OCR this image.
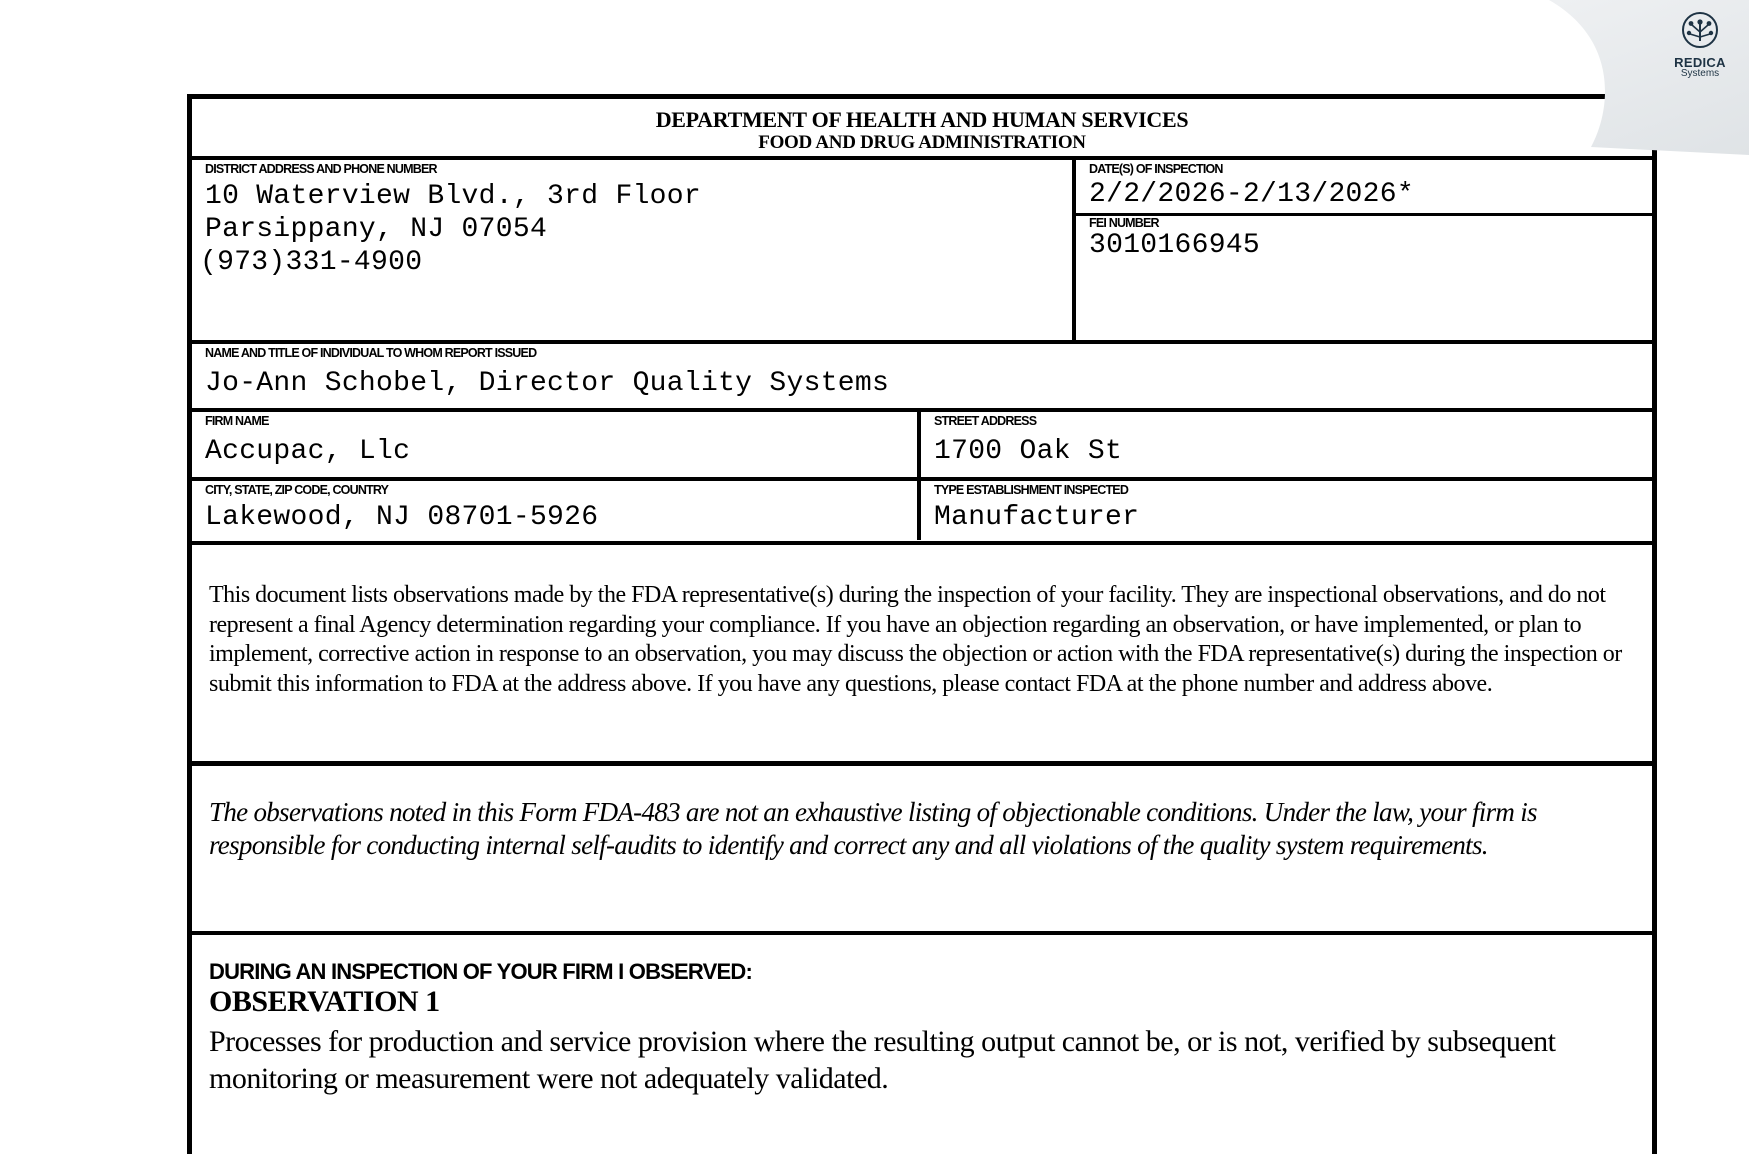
DEPARTMENT OF HEALTH AND HUMAN SERVICES
FOOD AND DRUG ADMINISTRATION
DISTRICT ADDRESS AND PHONE NUMBER
10 Waterview Blvd., 3rd Floor
Parsippany, NJ 07054
(973)331-4900
DATE(S) OF INSPECTION
2/2/2026-2/13/2026*
FEI NUMBER
3010166945
NAME AND TITLE OF INDIVIDUAL TO WHOM REPORT ISSUED
Jo-Ann Schobel, Director Quality Systems
FIRM NAME
Accupac, Llc
STREET ADDRESS
1700 Oak St
CITY, STATE, ZIP CODE, COUNTRY
Lakewood, NJ 08701-5926
TYPE ESTABLISHMENT INSPECTED
Manufacturer
This document lists observations made by the FDA representative(s) during the inspection of your facility. They are inspectional observations, and do not represent a final Agency determination regarding your compliance. If you have an objection regarding an observation, or have implemented, or plan to implement, corrective action in response to an observation, you may discuss the objection or action with the FDA representative(s) during the inspection or submit this information to FDA at the address above. If you have any questions, please contact FDA at the phone number and address above.
The observations noted in this Form FDA-483 are not an exhaustive listing of objectionable conditions. Under the law, your firm is responsible for conducting internal self-audits to identify and correct any and all violations of the quality system requirements.
DURING AN INSPECTION OF YOUR FIRM I OBSERVED:
OBSERVATION 1
Processes for production and service provision where the resulting output cannot be, or is not, verified by subsequent monitoring or measurement were not adequately validated.
REDICA
Systems
